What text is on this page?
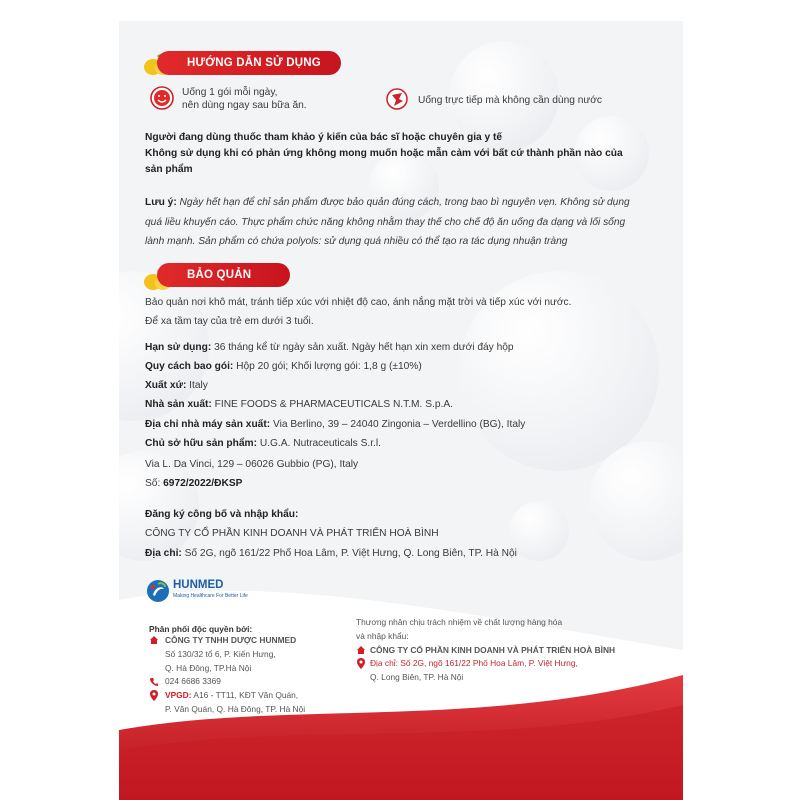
HƯỚNG DẪN SỬ DỤNG
Uống 1 gói mỗi ngày,
nên dùng ngay sau bữa ăn.	Uống trực tiếp mà không cần dùng nước
Người đang dùng thuốc tham khảo ý kiến của bác sĩ hoặc chuyên gia y tế
Không sử dụng khi có phản ứng không mong muốn hoặc mẫn cảm với bất cứ thành phần nào của
sản phẩm
Lưu ý: Ngày hết hạn để chỉ sản phẩm được bảo quản đúng cách, trong bao bì nguyên vẹn. Không sử dụng
quá liều khuyến cáo. Thực phẩm chức năng không nhằm thay thế cho chế độ ăn uống đa dạng và lối sống
lành mạnh. Sản phẩm có chứa polyols: sử dụng quá nhiều có thể tạo ra tác dụng nhuận tràng
BẢO QUẢN
Bảo quản nơi khô mát, tránh tiếp xúc với nhiệt độ cao, ánh nắng mặt trời và tiếp xúc với nước.
Để xa tầm tay của trẻ em dưới 3 tuổi.
Hạn sử dụng: 36 tháng kể từ ngày sản xuất. Ngày hết hạn xin xem dưới đáy hộp
Quy cách bao gói: Hộp 20 gói; Khối lượng gói: 1,8 g (±10%)
Xuất xứ: Italy
Nhà sản xuất: FINE FOODS & PHARMACEUTICALS N.T.M. S.p.A.
Địa chỉ nhà máy sản xuất: Via Berlino, 39 – 24040 Zingonia – Verdellino (BG), Italy
Chủ sở hữu sản phẩm: U.G.A. Nutraceuticals S.r.l.
Via L. Da Vinci, 129 – 06026 Gubbio (PG), Italy
Số: 6972/2022/ĐKSP
Đăng ký công bố và nhập khẩu:
CÔNG TY CỔ PHẦN KINH DOANH VÀ PHÁT TRIỂN HOÀ BÌNH
Địa chỉ: Số 2G, ngõ 161/22 Phố Hoa Lâm, P. Việt Hưng, Q. Long Biên, TP. Hà Nội
HUNMED
Making Healthcare For Better Life
Phân phối độc quyền bởi:
CÔNG TY TNHH DƯỢC HUNMED
Số 130/32 tổ 6, P. Kiến Hưng,
Q. Hà Đông, TP.Hà Nội
024 6686 3369
VPGD: A16 - TT11, KĐT Văn Quán,
P. Văn Quán, Q. Hà Đông, TP. Hà Nội
Thương nhân chịu trách nhiệm về chất lượng hàng hóa
và nhập khẩu:
CÔNG TY CỔ PHẦN KINH DOANH VÀ PHÁT TRIỂN HOÀ BÌNH
Địa chỉ: Số 2G, ngõ 161/22 Phố Hoa Lâm, P. Việt Hưng,
Q. Long Biên, TP. Hà Nội
